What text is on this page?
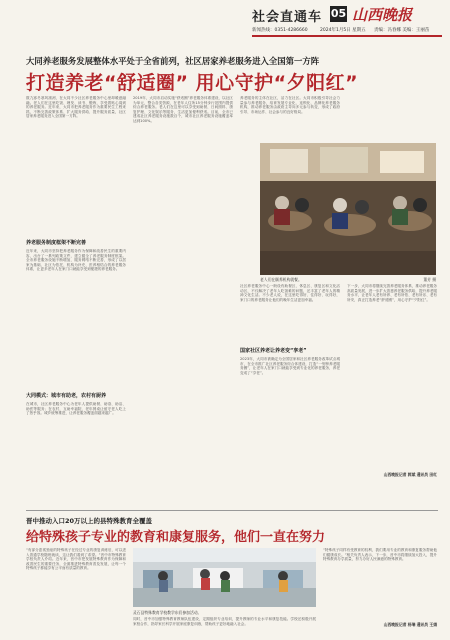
社会直通车 05 山西晚报
新闻热线：0351-4286660	2024年1月5日 星期五 责编：冯春娜 美编：王丽苗
大同养老服务发展整体水平处于全省前列，社区居家养老服务进入全国第一方阵
打造养老“舒适圈” 用心守护“夕阳红”
数九寒冬寒风凛冽，在大同不少社区养老服务中心里却暖意融融。老人们在这里吃饭、理发、读书、锻炼，享受着贴心周到的养老服务。近年来，大同市把养老服务作为重要民生工程来抓，不断完善政策体系、扩大服务供给、提升服务质量，社区居家养老服务进入全国第一方阵。
养老服务制度框架不断完善
近年来，大同市坚持把养老服务作为保障和改善民生的重要内容，出台了一系列政策文件，建立健全了养老服务制度框架。全市养老服务设施不断增加，服务网络不断完善，形成了以居家为基础、社区为依托、机构为补充、医养相结合的养老服务体系，让更多老年人在家门口就能享受到便捷的养老服务。
大同模式：城市有助老，农村有厨养
在城市，社区养老服务中心为老年人提供助餐、助浴、助洁、助医等服务；在农村，互助幸福院、老年餐桌让留守老人吃上了热乎饭。城乡统筹推进，让养老服务覆盖面越来越广。
2019年，大同市启动实施“舒适圈”养老服务体系建设，以社区为单元，整合各类资源，在老年人住所15分钟步行范围内提供综合养老服务。老人们在这里可以享受到助餐、日间照料、康复护理、文化娱乐等服务，生活更加便利舒适。目前，全市已建成社区养老服务设施数百个，城市社区养老服务设施覆盖率达到100%。
养老服务的主体在社区，活力在社区。大同市积极引导社会力量参与养老服务，培育发展专业化、连锁化、品牌化养老服务机构，推动养老服务由政府主导向多元参与转变，形成了政府引导、市场运作、社会参与的良好格局。
老人们在颐养机构就餐。	董芳 摄
社区养老服务中心一般设有助餐区、休息区、康复区和文化活动区，不仅解决了老年人吃饭难的问题，还丰富了老年人的精神文化生活。不少老人说，在这里吃得好、住得好、玩得好，家门口的养老服务让他们的晚年生活更加幸福。
国家社区养老让养老变“享老”
2023年，大同市被确定为全国居家和社区养老服务改革试点城市，在全市推广社区养老服务综合体建设，打造“一刻钟养老服务圈”，让老年人在家门口就能享受到专业化的养老服务，养老变成了“享老”。
下一步，大同市将继续完善养老服务体系，推动养老服务高质量发展，进一步扩大普惠养老服务供给，提升养老服务水平，让老年人老有所养、老有所依、老有所乐、老有所安，真正打造养老“舒适圈”，用心守护“夕阳红”。
山西晚报记者 郭斌 通讯员 田红
晋中推动入口20万以上的县特殊教育全覆盖
给特殊孩子专业的教育和康复服务，他们一直在努力
“有部分患孤独症的特殊孩子在经过专业的康复训练后，可以进入普通学校随班就读，这让我们看到了希望。”晋中市特殊教育学校负责人介绍。近年来，晋中市把发展特殊教育作为保障和改善民生的重要任务，全面推进特殊教育普及发展，让每一个特殊孩子都能享有公平而有质量的教育。
灵石县特殊教育学校教学东们参加活动。
同时，晋中市加强特殊教育教师队伍建设，定期组织专业培训，提升教师的专业水平和康复技能。学校还积极开展家校合作，指导家长科学开展家庭康复训练，帮助孩子更好地融入社会。
“特殊孩子同样有受教育的权利，我们要用专业的教育和康复服务帮助他们健康成长。”相关负责人表示，下一步，晋中市将继续加大投入，提升特殊教育办学质量，努力办好人民满意的特殊教育。
山西晚报记者 杨瑞 通讯员 王娟
